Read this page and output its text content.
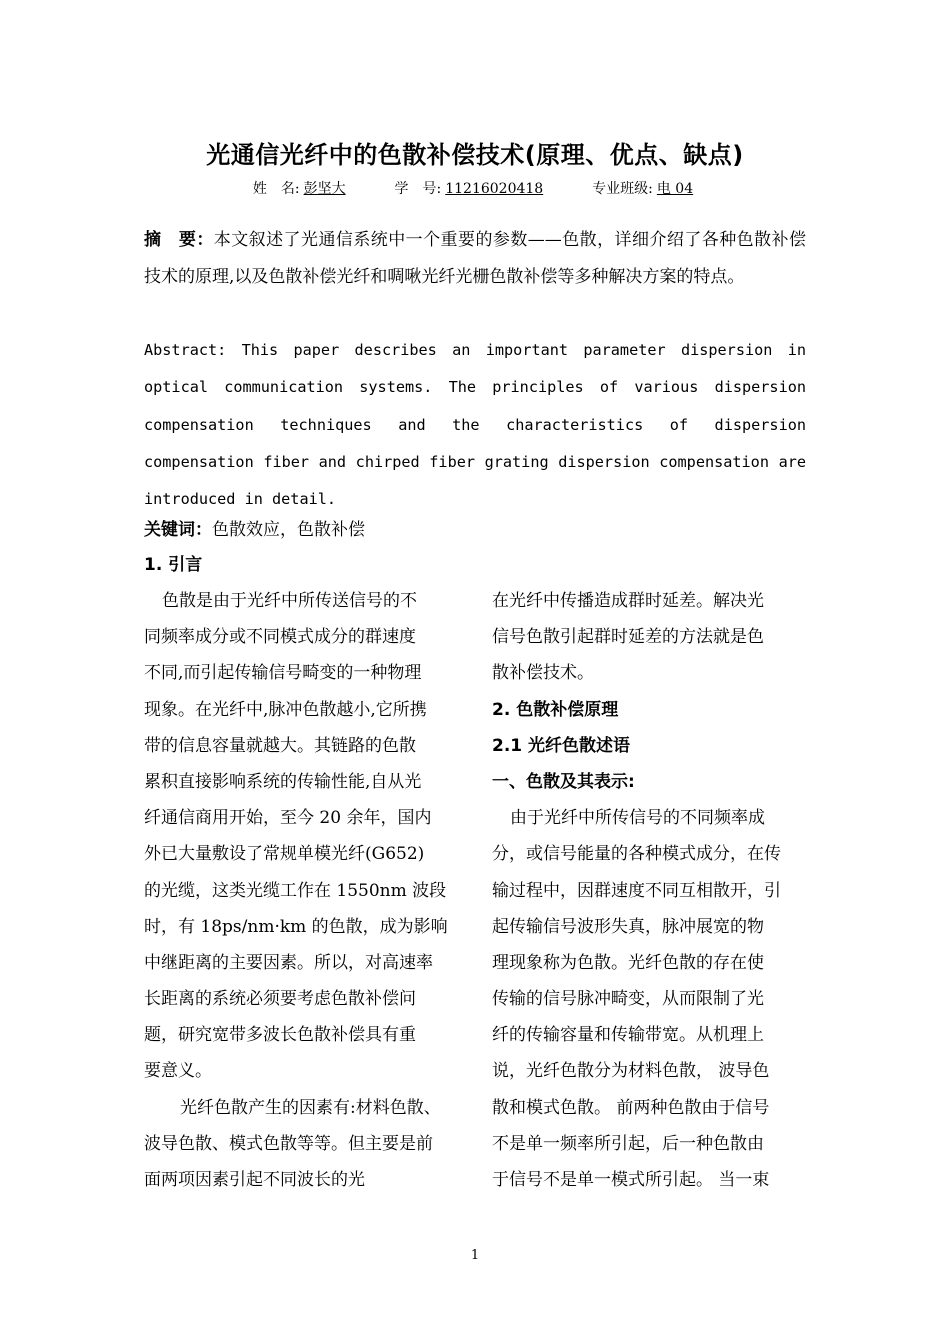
光通信光纤中的色散补偿技术(原理、优点、缺点)
姓　名: 彭坚大	学　号: 11216020418	专业班级: 电 04
摘　要：本文叙述了光通信系统中一个重要的参数——色散，详细介绍了各种色散补偿技术的原理,以及色散补偿光纤和啁啾光纤光栅色散补偿等多种解决方案的特点。
Abstract: This paper describes an important parameter dispersion in optical communication systems. The principles of various dispersion compensation techniques and the characteristics of dispersion compensation fiber and chirped fiber grating dispersion compensation are introduced in detail.
关键词：色散效应，色散补偿
1. 引言
色散是由于光纤中所传送信号的不
同频率成分或不同模式成分的群速度
不同,而引起传输信号畸变的一种物理
现象。在光纤中,脉冲色散越小,它所携
带的信息容量就越大。其链路的色散
累积直接影响系统的传输性能,自从光
纤通信商用开始，至今 20 余年，国内
外已大量敷设了常规单模光纤(G652)
的光缆，这类光缆工作在 1550nm 波段
时，有 18ps/nm·km 的色散，成为影响
中继距离的主要因素。所以，对高速率
长距离的系统必须要考虑色散补偿问
题，研究宽带多波长色散补偿具有重
要意义。
光纤色散产生的因素有:材料色散、
波导色散、模式色散等等。但主要是前
面两项因素引起不同波长的光
在光纤中传播造成群时延差。解决光
信号色散引起群时延差的方法就是色
散补偿技术。
2. 色散补偿原理
2.1 光纤色散述语
一、色散及其表示:
由于光纤中所传信号的不同频率成
分，或信号能量的各种模式成分，在传
输过程中，因群速度不同互相散开，引
起传输信号波形失真，脉冲展宽的物
理现象称为色散。光纤色散的存在使
传输的信号脉冲畸变，从而限制了光
纤的传输容量和传输带宽。从机理上
说，光纤色散分为材料色散， 波导色
散和模式色散。 前两种色散由于信号
不是单一频率所引起，后一种色散由
于信号不是单一模式所引起。 当一束
1
